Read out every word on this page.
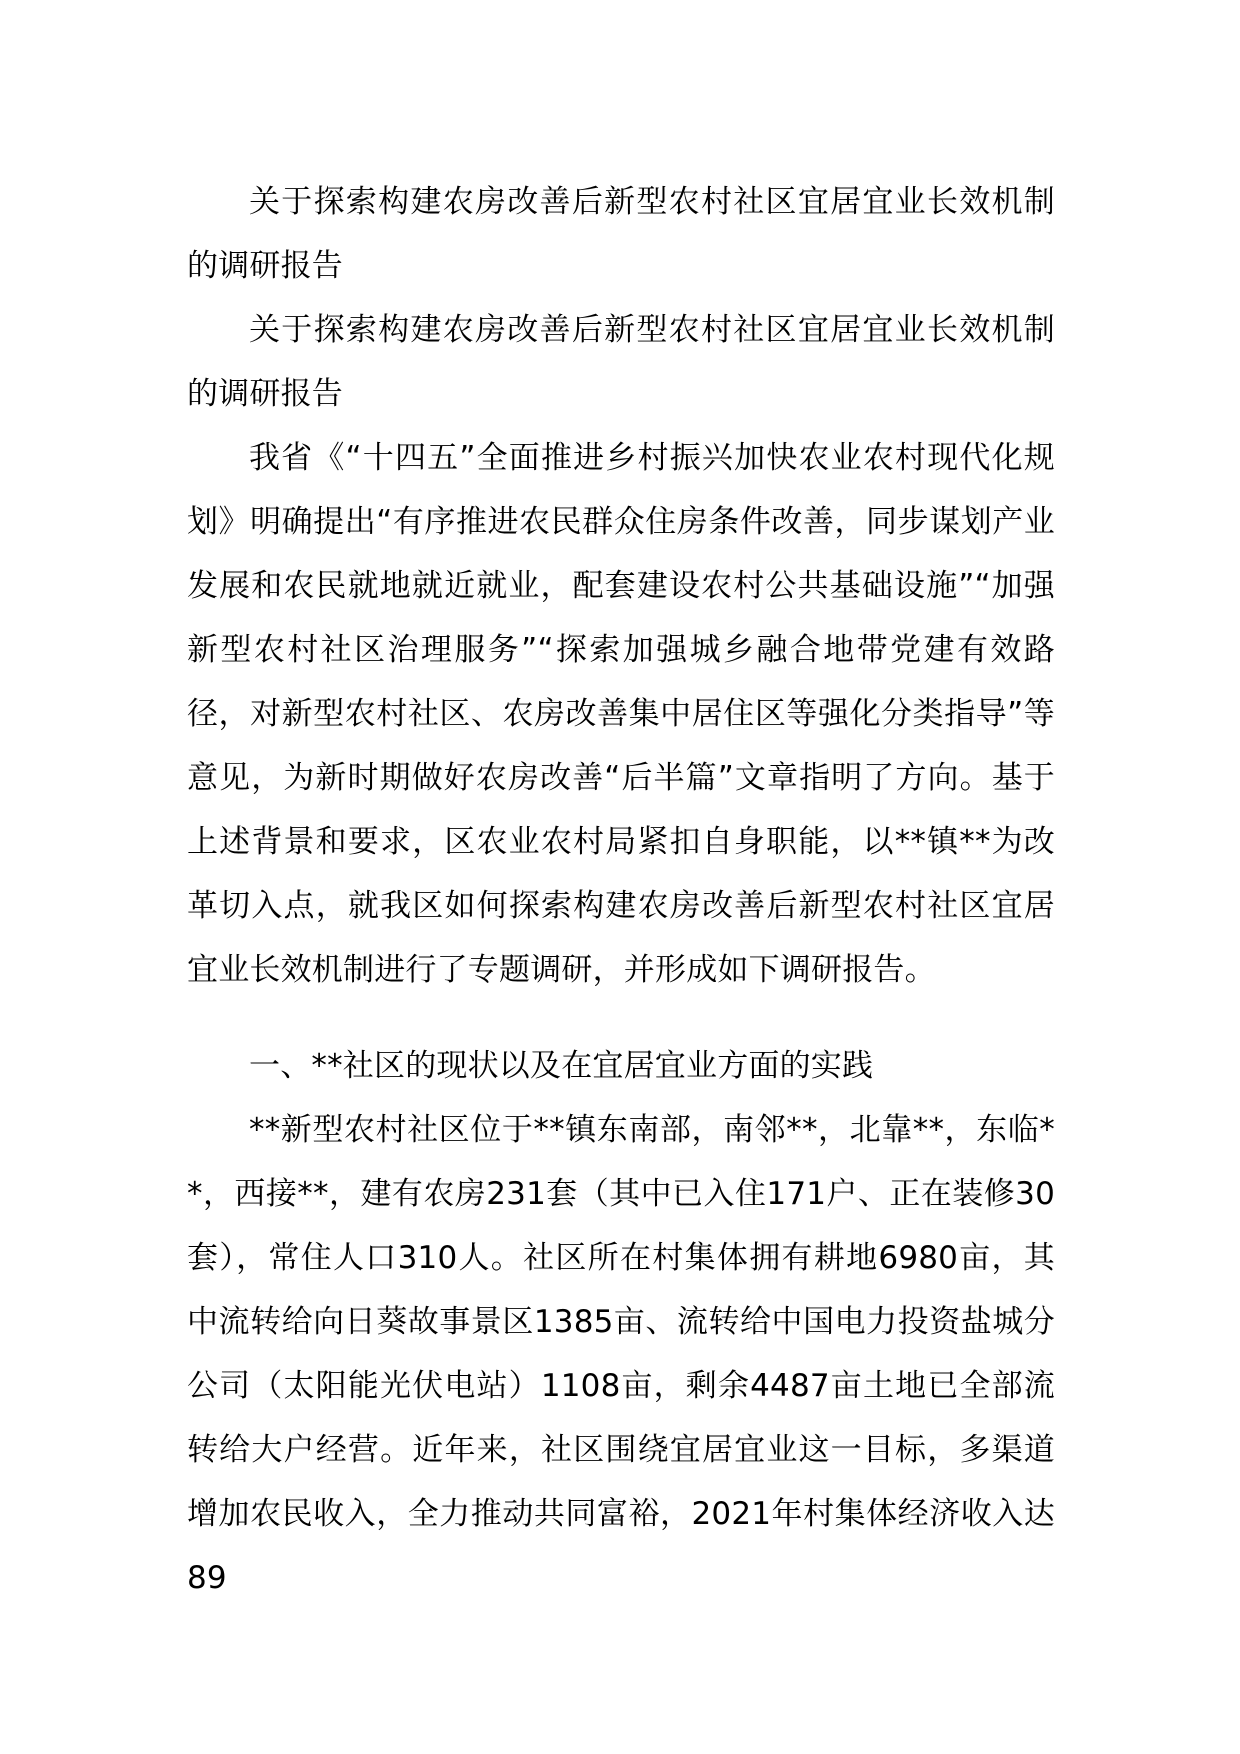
关于探索构建农房改善后新型农村社区宜居宜业长效机制的调研报告

关于探索构建农房改善后新型农村社区宜居宜业长效机制的调研报告

我省《“十四五”全面推进乡村振兴加快农业农村现代化规划》明确提出“有序推进农民群众住房条件改善，同步谋划产业发展和农民就地就近就业，配套建设农村公共基础设施”“加强新型农村社区治理服务”“探索加强城乡融合地带党建有效路径，对新型农村社区、农房改善集中居住区等强化分类指导”等意见，为新时期做好农房改善“后半篇”文章指明了方向。基于上述背景和要求，区农业农村局紧扣自身职能，以**镇**为改革切入点，就我区如何探索构建农房改善后新型农村社区宜居宜业长效机制进行了专题调研，并形成如下调研报告。

一、**社区的现状以及在宜居宜业方面的实践

**新型农村社区位于**镇东南部，南邻**，北靠**，东临**，西接**，建有农房231套（其中已入住171户、正在装修30套），常住人口310人。社区所在村集体拥有耕地6980亩，其中流转给向日葵故事景区1385亩、流转给中国电力投资盐城分公司（太阳能光伏电站）1108亩，剩余4487亩土地已全部流转给大户经营。近年来，社区围绕宜居宜业这一目标，多渠道增加农民收入，全力推动共同富裕，2021年村集体经济收入达89
